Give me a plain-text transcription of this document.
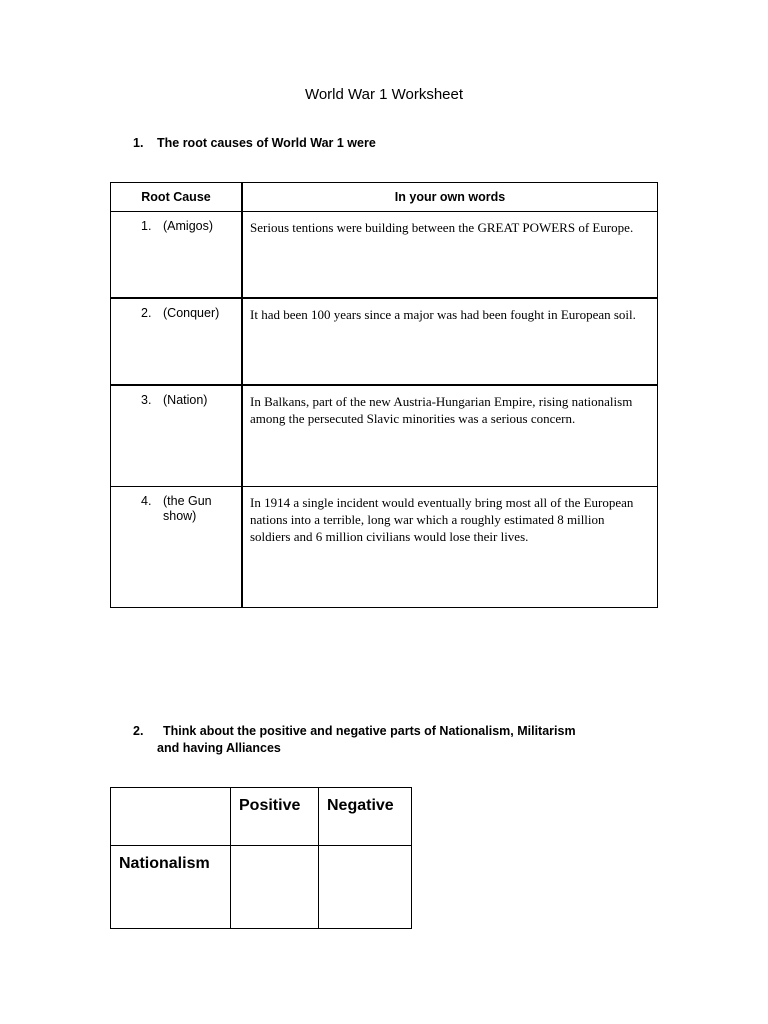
World War 1 Worksheet
1.	The root causes of World War 1 were
Root Cause	In your own words

1. (Amigos)	Serious tentions were building between the GREAT POWERS of Europe.

2. (Conquer)	It had been 100 years since a major was had been fought in European soil.

3. (Nation)	In Balkans, part of the new Austria-Hungarian Empire, rising nationalism among the persecuted Slavic minorities was a serious concern.

4. (the Gun show)	In 1914 a single incident would eventually bring most all of the European nations into a terrible, long war which a roughly estimated 8 million soldiers and 6 million civilians would lose their lives.
2.	Think about the positive and negative parts of Nationalism, Militarism
and having Alliances

	Positive	Negative

Nationalism		
